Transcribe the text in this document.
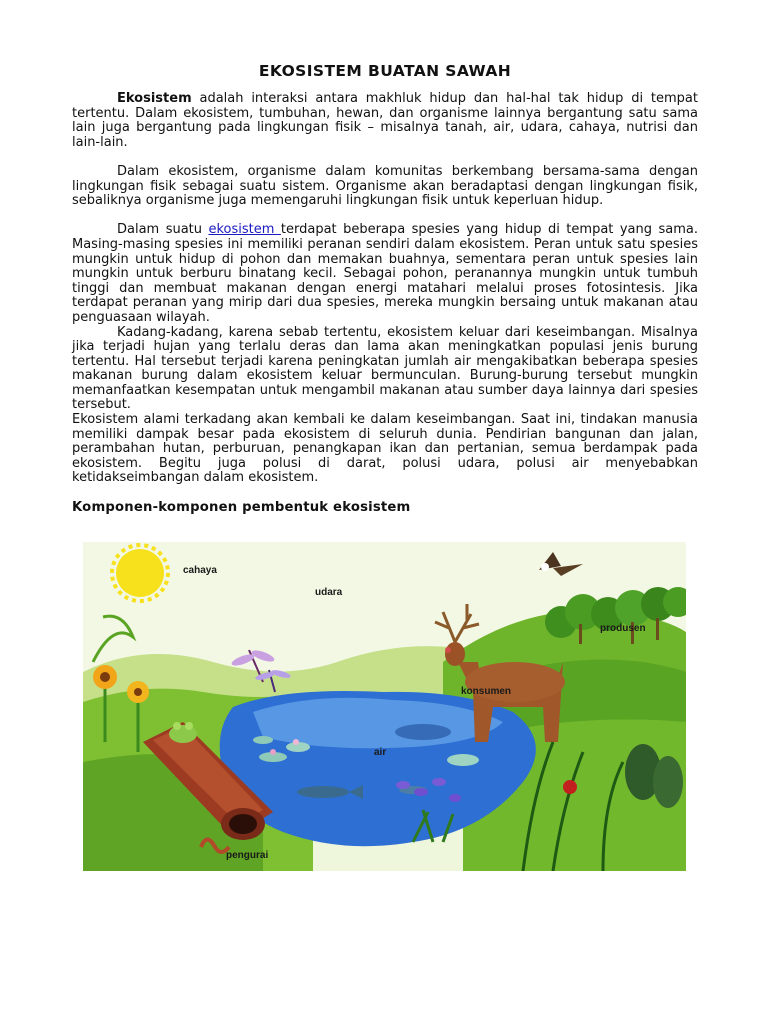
EKOSISTEM BUATAN SAWAH

Ekosistem adalah interaksi antara makhluk hidup dan hal-hal tak hidup di tempat tertentu. Dalam ekosistem, tumbuhan, hewan, dan organisme lainnya bergantung satu sama lain juga bergantung pada lingkungan fisik – misalnya tanah, air, udara, cahaya, nutrisi dan lain-lain.

Dalam ekosistem, organisme dalam komunitas berkembang bersama-sama dengan lingkungan fisik sebagai suatu sistem. Organisme akan beradaptasi dengan lingkungan fisik, sebaliknya organisme juga memengaruhi lingkungan fisik untuk keperluan hidup.

Dalam suatu ekosistem terdapat beberapa spesies yang hidup di tempat yang sama. Masing-masing spesies ini memiliki peranan sendiri dalam ekosistem. Peran untuk satu spesies mungkin untuk hidup di pohon dan memakan buahnya, sementara peran untuk spesies lain mungkin untuk berburu binatang kecil. Sebagai pohon, peranannya mungkin untuk tumbuh tinggi dan membuat makanan dengan energi matahari melalui proses fotosintesis. Jika terdapat peranan yang mirip dari dua spesies, mereka mungkin bersaing untuk makanan atau penguasaan wilayah.

Kadang-kadang, karena sebab tertentu, ekosistem keluar dari keseimbangan. Misalnya jika terjadi hujan yang terlalu deras dan lama akan meningkatkan populasi jenis burung tertentu. Hal tersebut terjadi karena peningkatan jumlah air mengakibatkan beberapa spesies makanan burung dalam ekosistem keluar bermunculan. Burung-burung tersebut mungkin memanfaatkan kesempatan untuk mengambil makanan atau sumber daya lainnya dari spesies tersebut.

Ekosistem alami terkadang akan kembali ke dalam keseimbangan. Saat ini, tindakan manusia memiliki dampak besar pada ekosistem di seluruh dunia. Pendirian bangunan dan jalan, perambahan hutan, perburuan, penangkapan ikan dan pertanian, semua berdampak pada ekosistem. Begitu juga polusi di darat, polusi udara, polusi air menyebabkan ketidakseimbangan dalam ekosistem.

Komponen-komponen pembentuk ekosistem
cahaya
udara
produsen
konsumen
air
pengurai
